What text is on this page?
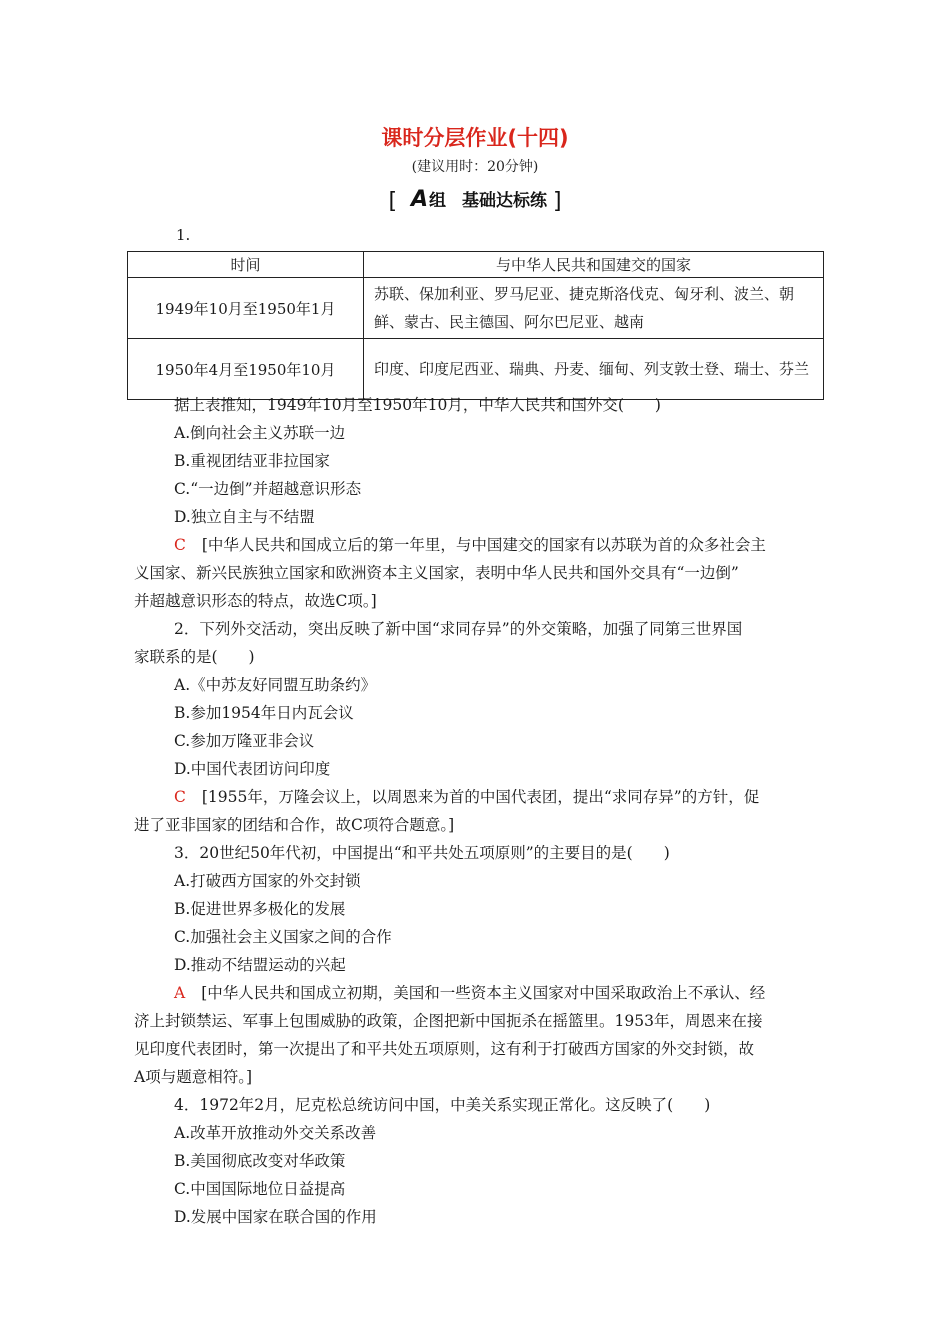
课时分层作业(十四)
(建议用时：20分钟)
[ A 组 基础达标练 ]
1.
时间	与中华人民共和国建交的国家
1949年10月至1950年1月	苏联、保加利亚、罗马尼亚、捷克斯洛伐克、匈牙利、波兰、朝鲜、蒙古、民主德国、阿尔巴尼亚、越南
1950年4月至1950年10月	印度、印度尼西亚、瑞典、丹麦、缅甸、列支敦士登、瑞士、芬兰
据上表推知，1949年10月至1950年10月，中华人民共和国外交(　　)
A.倒向社会主义苏联一边
B.重视团结亚非拉国家
C.“一边倒”并超越意识形态
D.独立自主与不结盟
C [中华人民共和国成立后的第一年里，与中国建交的国家有以苏联为首的众多社会主
义国家、新兴民族独立国家和欧洲资本主义国家，表明中华人民共和国外交具有“一边倒”
并超越意识形态的特点，故选C项。]
2．下列外交活动，突出反映了新中国“求同存异”的外交策略，加强了同第三世界国
家联系的是(　　)
A.《中苏友好同盟互助条约》
B.参加1954年日内瓦会议
C.参加万隆亚非会议
D.中国代表团访问印度
C [1955年，万隆会议上，以周恩来为首的中国代表团，提出“求同存异”的方针，促
进了亚非国家的团结和合作，故C项符合题意。]
3．20世纪50年代初，中国提出“和平共处五项原则”的主要目的是(　　)
A.打破西方国家的外交封锁
B.促进世界多极化的发展
C.加强社会主义国家之间的合作
D.推动不结盟运动的兴起
A [中华人民共和国成立初期，美国和一些资本主义国家对中国采取政治上不承认、经
济上封锁禁运、军事上包围威胁的政策，企图把新中国扼杀在摇篮里。1953年，周恩来在接
见印度代表团时，第一次提出了和平共处五项原则，这有利于打破西方国家的外交封锁，故
A项与题意相符。]
4．1972年2月，尼克松总统访问中国，中美关系实现正常化。这反映了(　　)
A.改革开放推动外交关系改善
B.美国彻底改变对华政策
C.中国国际地位日益提高
D.发展中国家在联合国的作用
